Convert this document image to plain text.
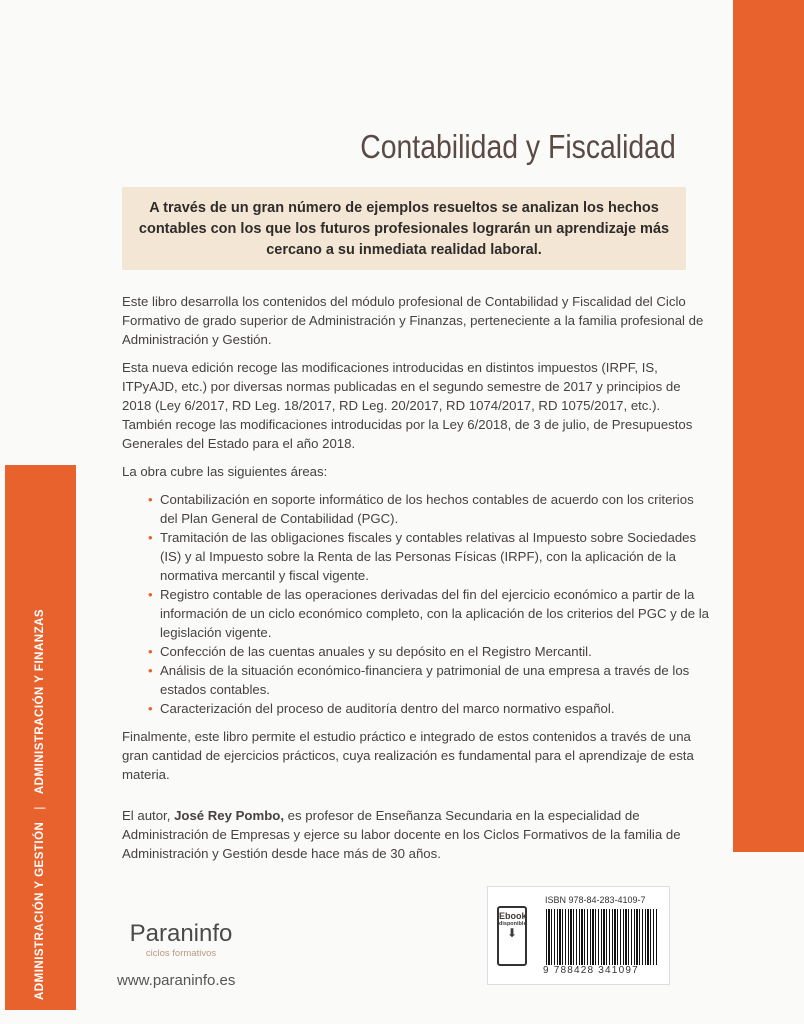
ADMINISTRACIÓN Y GESTIÓN|ADMINISTRACIÓN Y FINANZAS
Contabilidad y Fiscalidad
A través de un gran número de ejemplos resueltos se analizan los hechos contables con los que los futuros profesionales lograrán un aprendizaje más cercano a su inmediata realidad laboral.

Este libro desarrolla los contenidos del módulo profesional de Contabilidad y Fiscalidad del Ciclo Formativo de grado superior de Administración y Finanzas, perteneciente a la familia profesional de Administración y Gestión.

Esta nueva edición recoge las modificaciones introducidas en distintos impuestos (IRPF, IS, ITPyAJD, etc.) por diversas normas publicadas en el segundo semestre de 2017 y principios de 2018 (Ley 6/2017, RD Leg. 18/2017, RD Leg. 20/2017, RD 1074/2017, RD 1075/2017, etc.). También recoge las modificaciones introducidas por la Ley 6/2018, de 3 de julio, de Presupuestos Generales del Estado para el año 2018.

La obra cubre las siguientes áreas:

• Contabilización en soporte informático de los hechos contables de acuerdo con los criterios del Plan General de Contabilidad (PGC).
• Tramitación de las obligaciones fiscales y contables relativas al Impuesto sobre Sociedades (IS) y al Impuesto sobre la Renta de las Personas Físicas (IRPF), con la aplicación de la normativa mercantil y fiscal vigente.
• Registro contable de las operaciones derivadas del fin del ejercicio económico a partir de la información de un ciclo económico completo, con la aplicación de los criterios del PGC y de la legislación vigente.
• Confección de las cuentas anuales y su depósito en el Registro Mercantil.
• Análisis de la situación económico-financiera y patrimonial de una empresa a través de los estados contables.
• Caracterización del proceso de auditoría dentro del marco normativo español.

Finalmente, este libro permite el estudio práctico e integrado de estos contenidos a través de una gran cantidad de ejercicios prácticos, cuya realización es fundamental para el aprendizaje de esta materia.

El autor, José Rey Pombo, es profesor de Enseñanza Secundaria en la especialidad de Administración de Empresas y ejerce su labor docente en los Ciclos Formativos de la familia de Administración y Gestión desde hace más de 30 años.

Paraninfo
ciclos formativos
www.paraninfo.es
Ebook
disponible
⬇
ISBN 978-84-283-4109-7
9 788428 341097
